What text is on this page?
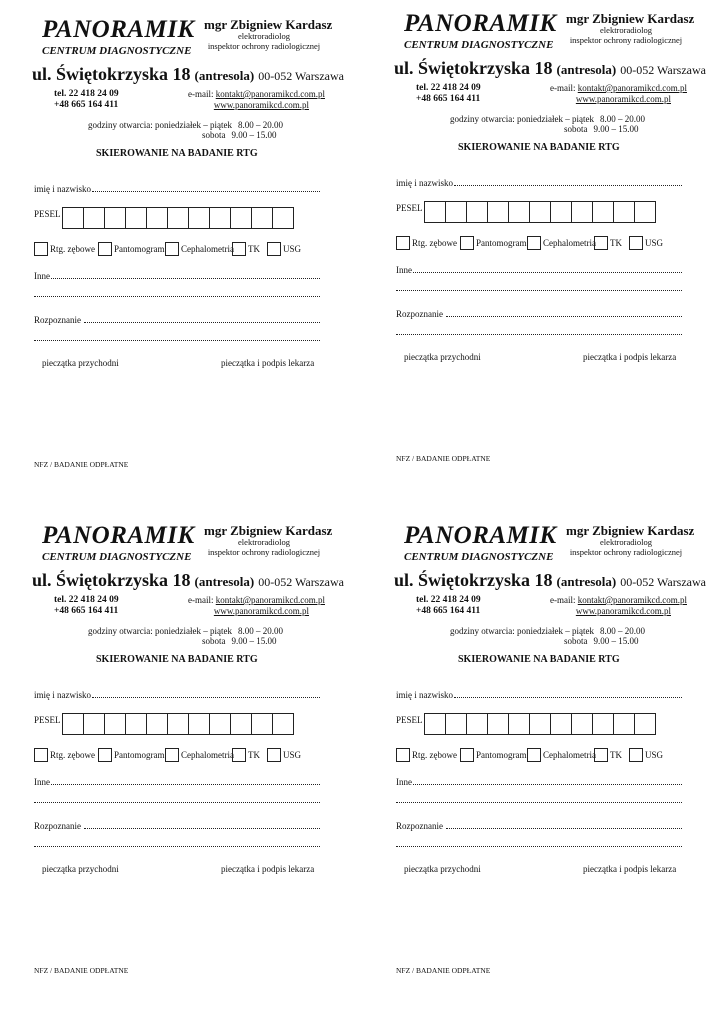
PANORAMIK
CENTRUM DIAGNOSTYCZNE
mgr Zbigniew Kardasz
elektroradiolog
inspektor ochrony radiologicznej
ul. Świętokrzyska 18 (antresola) 00-052 Warszawa
tel. 22 418 24 09
+48 665 164 411
e-mail: kontakt@panoramikcd.com.pl
www.panoramikcd.com.pl
godziny otwarcia: poniedziałek – piątek 8.00 – 20.00
sobota 9.00 – 15.00
SKIEROWANIE NA BADANIE RTG
imię i nazwisko
PESEL
Rtg. zębowe Pantomogram Cephalometria TK	USG
Inne
Rozpoznanie
pieczątka przychodni	pieczątka i podpis lekarza
NFZ / BADANIE ODPŁATNE
PANORAMIK
CENTRUM DIAGNOSTYCZNE
mgr Zbigniew Kardasz
elektroradiolog
inspektor ochrony radiologicznej
ul. Świętokrzyska 18 (antresola) 00-052 Warszawa
tel. 22 418 24 09
+48 665 164 411
e-mail: kontakt@panoramikcd.com.pl
www.panoramikcd.com.pl
godziny otwarcia: poniedziałek – piątek 8.00 – 20.00
sobota 9.00 – 15.00
SKIEROWANIE NA BADANIE RTG
imię i nazwisko
PESEL
Rtg. zębowe Pantomogram Cephalometria TK	USG
Inne
Rozpoznanie
pieczątka przychodni	pieczątka i podpis lekarza
NFZ / BADANIE ODPŁATNE
PANORAMIK
CENTRUM DIAGNOSTYCZNE
mgr Zbigniew Kardasz
elektroradiolog
inspektor ochrony radiologicznej
ul. Świętokrzyska 18 (antresola) 00-052 Warszawa
tel. 22 418 24 09
+48 665 164 411
e-mail: kontakt@panoramikcd.com.pl
www.panoramikcd.com.pl
godziny otwarcia: poniedziałek – piątek 8.00 – 20.00
sobota 9.00 – 15.00
SKIEROWANIE NA BADANIE RTG
imię i nazwisko
PESEL
Rtg. zębowe Pantomogram Cephalometria TK	USG
Inne
Rozpoznanie
pieczątka przychodni	pieczątka i podpis lekarza
NFZ / BADANIE ODPŁATNE
PANORAMIK
CENTRUM DIAGNOSTYCZNE
mgr Zbigniew Kardasz
elektroradiolog
inspektor ochrony radiologicznej
ul. Świętokrzyska 18 (antresola) 00-052 Warszawa
tel. 22 418 24 09
+48 665 164 411
e-mail: kontakt@panoramikcd.com.pl
www.panoramikcd.com.pl
godziny otwarcia: poniedziałek – piątek 8.00 – 20.00
sobota 9.00 – 15.00
SKIEROWANIE NA BADANIE RTG
imię i nazwisko
PESEL
Rtg. zębowe Pantomogram Cephalometria TK	USG
Inne
Rozpoznanie
pieczątka przychodni	pieczątka i podpis lekarza
NFZ / BADANIE ODPŁATNE
